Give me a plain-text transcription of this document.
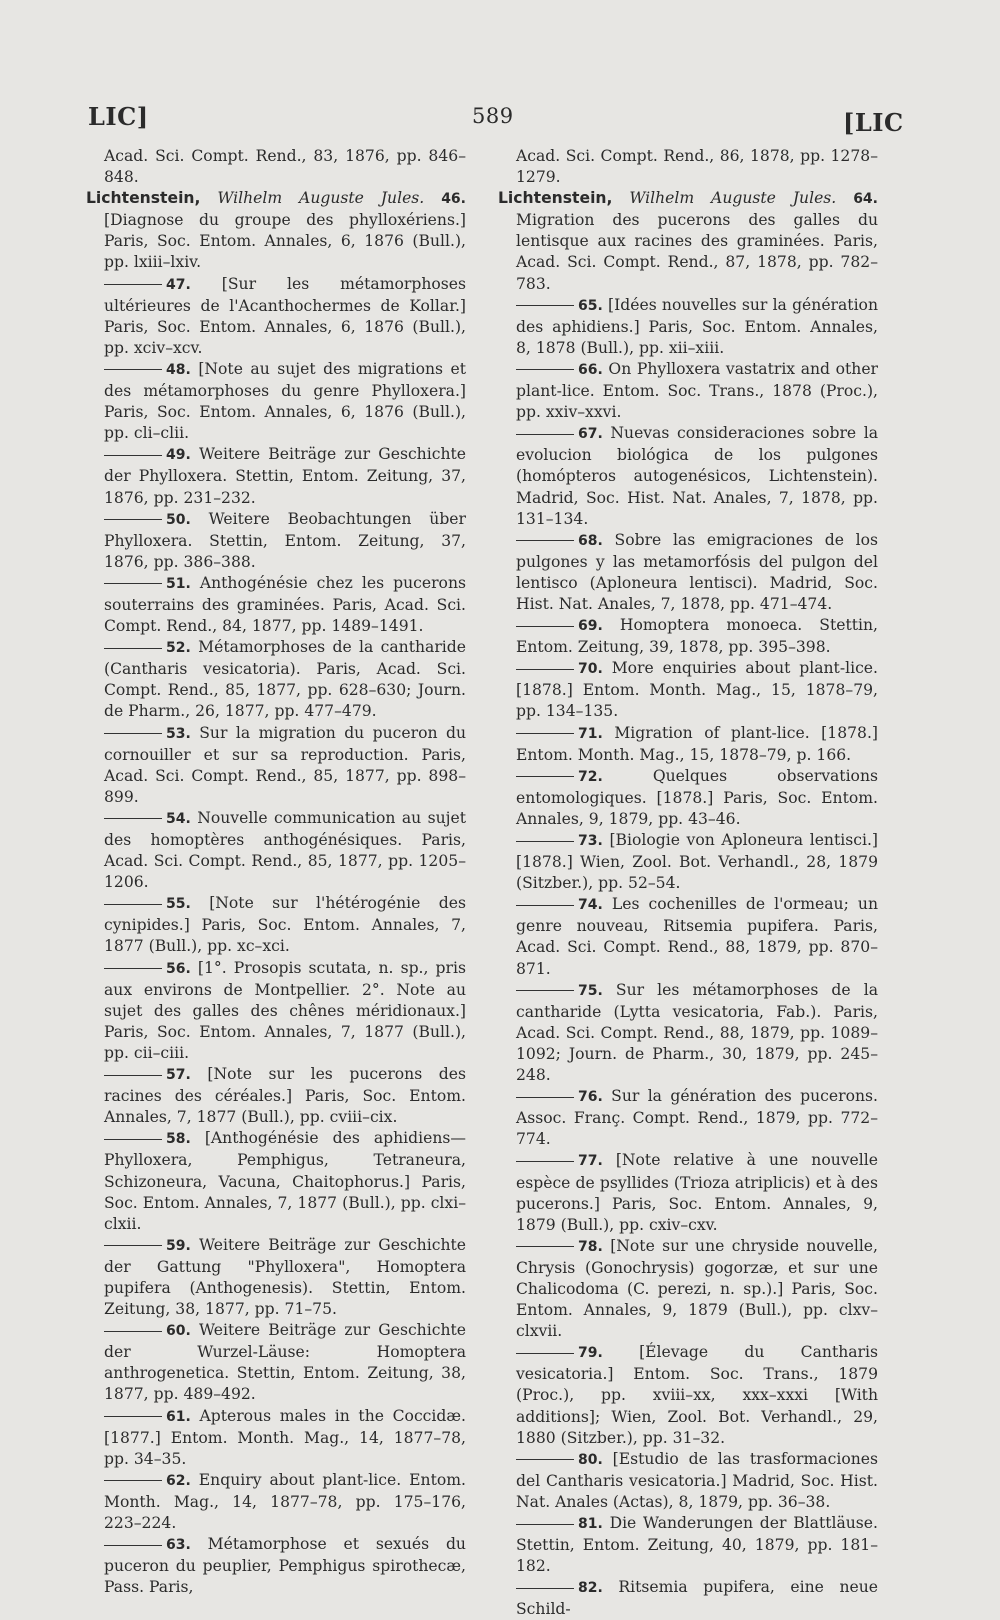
LIC]	589	[LIC

Acad. Sci. Compt. Rend., 83, 1876, pp. 846–848.

Lichtenstein, Wilhelm Auguste Jules. 46. [Diagnose du groupe des phylloxériens.] Paris, Soc. Entom. Annales, 6, 1876 (Bull.), pp. lxiii–lxiv.

47. [Sur les métamorphoses ultérieures de l'Acanthochermes de Kollar.] Paris, Soc. Entom. Annales, 6, 1876 (Bull.), pp. xciv–xcv.

48. [Note au sujet des migrations et des métamorphoses du genre Phylloxera.] Paris, Soc. Entom. Annales, 6, 1876 (Bull.), pp. cli–clii.

49. Weitere Beiträge zur Geschichte der Phylloxera. Stettin, Entom. Zeitung, 37, 1876, pp. 231–232.

50. Weitere Beobachtungen über Phylloxera. Stettin, Entom. Zeitung, 37, 1876, pp. 386–388.

51. Anthogénésie chez les pucerons souterrains des graminées. Paris, Acad. Sci. Compt. Rend., 84, 1877, pp. 1489–1491.

52. Métamorphoses de la cantharide (Cantharis vesicatoria). Paris, Acad. Sci. Compt. Rend., 85, 1877, pp. 628–630; Journ. de Pharm., 26, 1877, pp. 477–479.

53. Sur la migration du puceron du cornouiller et sur sa reproduction. Paris, Acad. Sci. Compt. Rend., 85, 1877, pp. 898–899.

54. Nouvelle communication au sujet des homoptères anthogénésiques. Paris, Acad. Sci. Compt. Rend., 85, 1877, pp. 1205–1206.

55. [Note sur l'hétérogénie des cynipides.] Paris, Soc. Entom. Annales, 7, 1877 (Bull.), pp. xc–xci.

56. [1°. Prosopis scutata, n. sp., pris aux environs de Montpellier. 2°. Note au sujet des galles des chênes méridionaux.] Paris, Soc. Entom. Annales, 7, 1877 (Bull.), pp. cii–ciii.

57. [Note sur les pucerons des racines des céréales.] Paris, Soc. Entom. Annales, 7, 1877 (Bull.), pp. cviii–cix.

58. [Anthogénésie des aphidiens—Phylloxera, Pemphigus, Tetraneura, Schizoneura, Vacuna, Chaitophorus.] Paris, Soc. Entom. Annales, 7, 1877 (Bull.), pp. clxi–clxii.

59. Weitere Beiträge zur Geschichte der Gattung "Phylloxera", Homoptera pupifera (Anthogenesis). Stettin, Entom. Zeitung, 38, 1877, pp. 71–75.

60. Weitere Beiträge zur Geschichte der Wurzel-Läuse: Homoptera anthrogenetica. Stettin, Entom. Zeitung, 38, 1877, pp. 489–492.

61. Apterous males in the Coccidæ. [1877.] Entom. Month. Mag., 14, 1877–78, pp. 34–35.

62. Enquiry about plant-lice. Entom. Month. Mag., 14, 1877–78, pp. 175–176, 223–224.

63. Métamorphose et sexués du puceron du peuplier, Pemphigus spirothecæ, Pass. Paris,

Acad. Sci. Compt. Rend., 86, 1878, pp. 1278–1279.

Lichtenstein, Wilhelm Auguste Jules. 64. Migration des pucerons des galles du lentisque aux racines des graminées. Paris, Acad. Sci. Compt. Rend., 87, 1878, pp. 782–783.

65. [Idées nouvelles sur la génération des aphidiens.] Paris, Soc. Entom. Annales, 8, 1878 (Bull.), pp. xii–xiii.

66. On Phylloxera vastatrix and other plant-lice. Entom. Soc. Trans., 1878 (Proc.), pp. xxiv–xxvi.

67. Nuevas consideraciones sobre la evolucion biológica de los pulgones (homópteros autogenésicos, Lichtenstein). Madrid, Soc. Hist. Nat. Anales, 7, 1878, pp. 131–134.

68. Sobre las emigraciones de los pulgones y las metamorfósis del pulgon del lentisco (Aploneura lentisci). Madrid, Soc. Hist. Nat. Anales, 7, 1878, pp. 471–474.

69. Homoptera monoeca. Stettin, Entom. Zeitung, 39, 1878, pp. 395–398.

70. More enquiries about plant-lice. [1878.] Entom. Month. Mag., 15, 1878–79, pp. 134–135.

71. Migration of plant-lice. [1878.] Entom. Month. Mag., 15, 1878–79, p. 166.

72.	Quelques observations entomologiques. [1878.] Paris, Soc. Entom. Annales, 9, 1879, pp. 43–46.

73. [Biologie von Aploneura lentisci.] [1878.] Wien, Zool. Bot. Verhandl., 28, 1879 (Sitzber.), pp. 52–54.

74. Les cochenilles de l'ormeau; un genre nouveau, Ritsemia pupifera. Paris, Acad. Sci. Compt. Rend., 88, 1879, pp. 870–871.

75. Sur les métamorphoses de la cantharide (Lytta vesicatoria, Fab.). Paris, Acad. Sci. Compt. Rend., 88, 1879, pp. 1089–1092; Journ. de Pharm., 30, 1879, pp. 245–248.

76. Sur la génération des pucerons. Assoc. Franç. Compt. Rend., 1879, pp. 772–774.

77. [Note relative à une nouvelle espèce de psyllides (Trioza atriplicis) et à des pucerons.] Paris, Soc. Entom. Annales, 9, 1879 (Bull.), pp. cxiv–cxv.

78. [Note sur une chryside nouvelle, Chrysis (Gonochrysis) gogorzæ, et sur une Chalicodoma (C. perezi, n. sp.).] Paris, Soc. Entom. Annales, 9, 1879 (Bull.), pp. clxv–clxvii.

79. [Élevage du Cantharis vesicatoria.] Entom. Soc. Trans., 1879 (Proc.), pp. xviii–xx, xxx–xxxi [With additions]; Wien, Zool. Bot. Verhandl., 29, 1880 (Sitzber.), pp. 31–32.

80. [Estudio de las trasformaciones del Cantharis vesicatoria.] Madrid, Soc. Hist. Nat. Anales (Actas), 8, 1879, pp. 36–38.

81. Die Wanderungen der Blattläuse. Stettin, Entom. Zeitung, 40, 1879, pp. 181–182.

82. Ritsemia pupifera, eine neue Schild-
